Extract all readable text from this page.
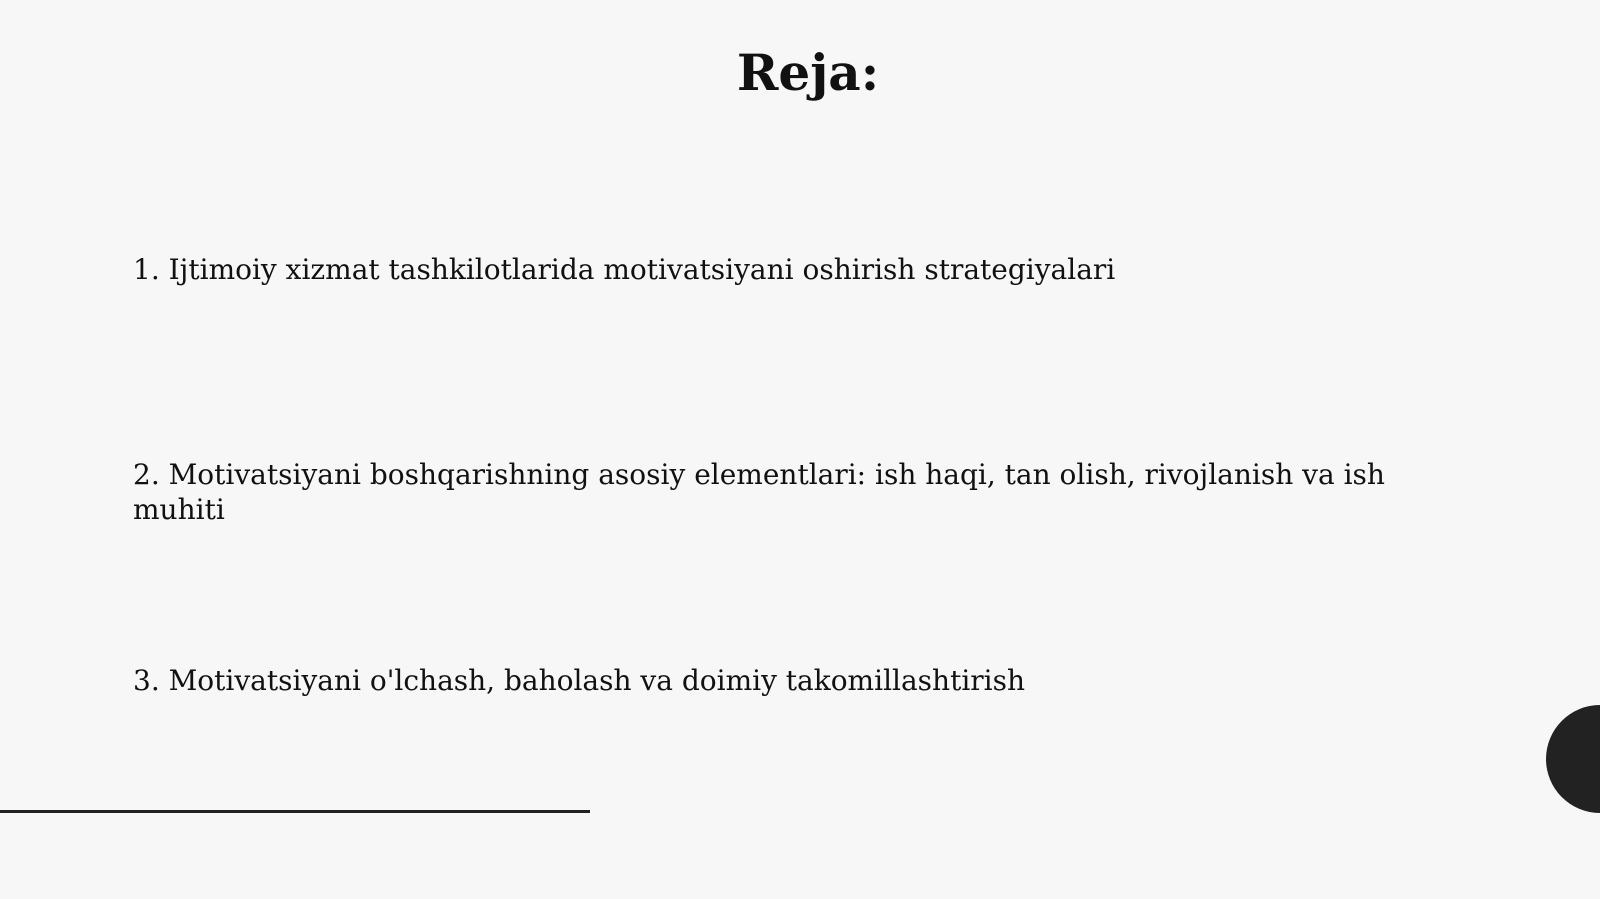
Reja:

1. Ijtimoiy xizmat tashkilotlarida motivatsiyani oshirish strategiyalari

2. Motivatsiyani boshqarishning asosiy elementlari: ish haqi, tan olish, rivojlanish va ish muhiti

3. Motivatsiyani o'lchash, baholash va doimiy takomillashtirish
